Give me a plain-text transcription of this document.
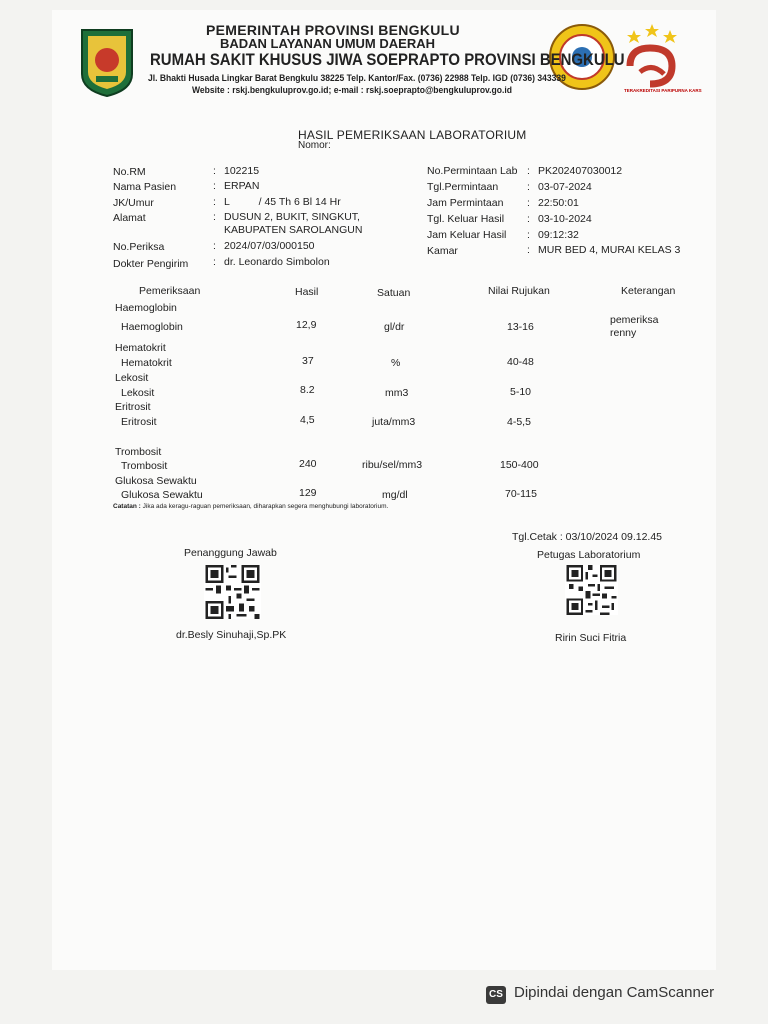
TERAKREDITASI PARIPURNA KARS
PEMERINTAH PROVINSI BENGKULU
BADAN LAYANAN UMUM DAERAH
RUMAH SAKIT KHUSUS JIWA SOEPRAPTO PROVINSI BENGKULU
Jl. Bhakti Husada Lingkar Barat Bengkulu 38225 Telp. Kantor/Fax. (0736) 22988 Telp. IGD (0736) 343339
Website : rskj.bengkuluprov.go.id; e-mail : rskj.soeprapto@bengkuluprov.go.id
HASIL PEMERIKSAAN LABORATORIUM
Nomor:
No.RM	: 102215
Nama Pasien	: ERPAN
JK/Umur	: L          / 45 Th 6 Bl 14 Hr
Alamat	: DUSUN 2, BUKIT, SINGKUT,
KABUPATEN SAROLANGUN
No.Periksa	: 2024/07/03/000150
Dokter Pengirim : dr. Leonardo Simbolon
No.Permintaan Lab : PK202407030012
Tgl.Permintaan	: 03-07-2024
Jam Permintaan : 22:50:01
Tgl. Keluar Hasil : 03-10-2024
Jam Keluar Hasil : 09:12:32
Kamar	: MUR BED 4, MURAI KELAS 3
Pemeriksaan	Hasil	Satuan	Nilai Rujukan	Keterangan
Haemoglobin
Haemoglobin	12,9	gl/dr	13-16
pemeriksa
renny
Hematokrit
Hematokrit	37	%	40-48
Lekosit
Lekosit	8.2	mm3	5-10
Eritrosit
Eritrosit	4,5	juta/mm3	4-5,5
Trombosit
Trombosit	240	ribu/sel/mm3	150-400
Glukosa Sewaktu
Glukosa Sewaktu	129	mg/dl	70-115
Catatan : Jika ada keragu-raguan pemeriksaan, diharapkan segera menghubungi laboratorium.
Tgl.Cetak : 03/10/2024 09.12.45
Penanggung Jawab	Petugas Laboratorium
dr.Besly Sinuhaji,Sp.PK	Ririn Suci Fitria
CS Dipindai dengan CamScanner
